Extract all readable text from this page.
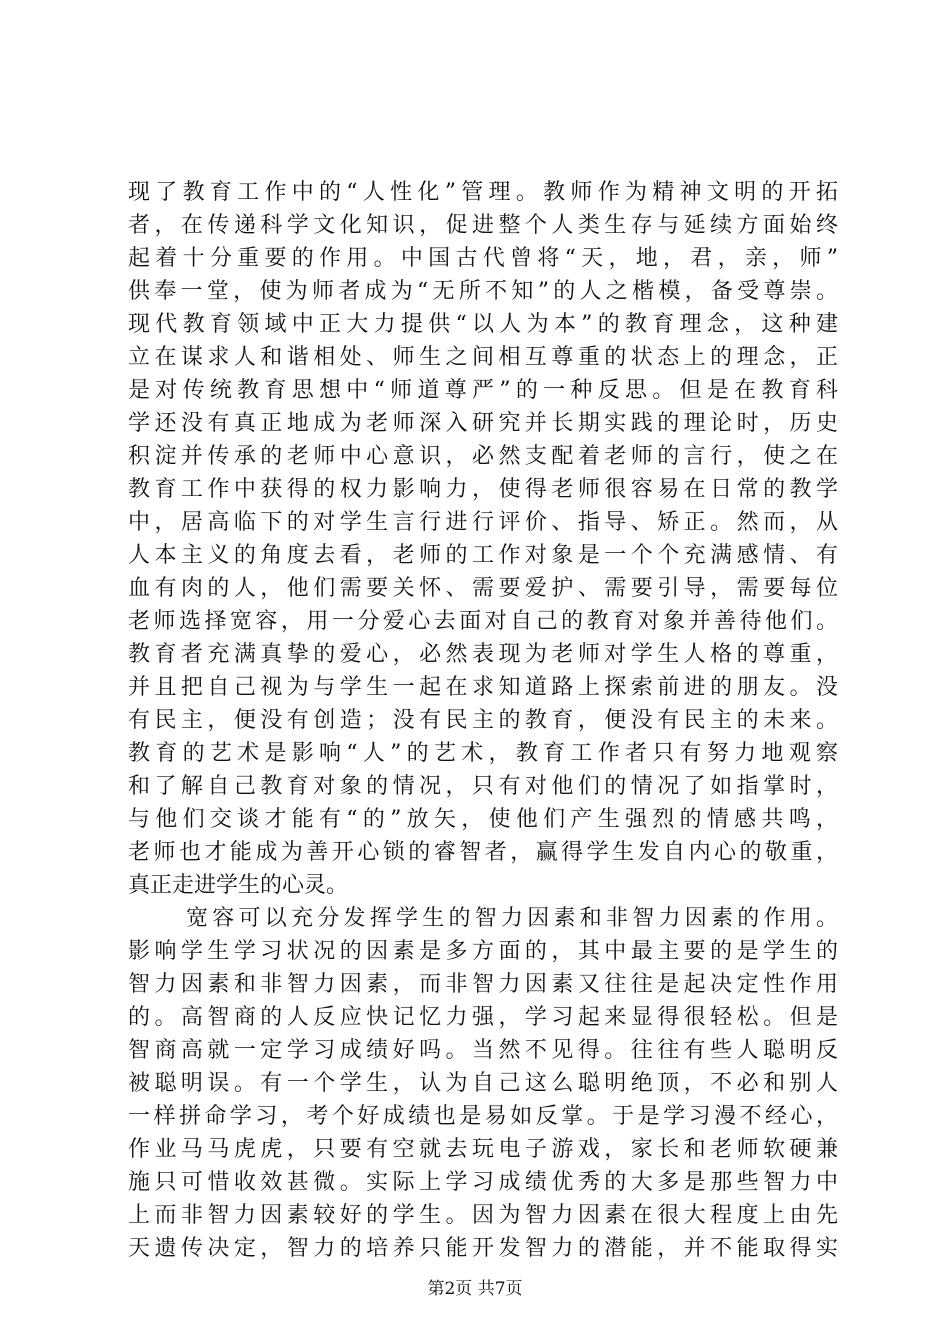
现了教育工作中的“人性化”管理。教师作为精神文明的开拓
者，在传递科学文化知识，促进整个人类生存与延续方面始终
起着十分重要的作用。中国古代曾将“天，地，君，亲，师”
供奉一堂，使为师者成为“无所不知”的人之楷模，备受尊崇。
现代教育领域中正大力提供“以人为本”的教育理念，这种建
立在谋求人和谐相处、师生之间相互尊重的状态上的理念，正
是对传统教育思想中“师道尊严”的一种反思。但是在教育科
学还没有真正地成为老师深入研究并长期实践的理论时，历史
积淀并传承的老师中心意识，必然支配着老师的言行，使之在
教育工作中获得的权力影响力，使得老师很容易在日常的教学
中，居高临下的对学生言行进行评价、指导、矫正。然而，从
人本主义的角度去看，老师的工作对象是一个个充满感情、有
血有肉的人，他们需要关怀、需要爱护、需要引导，需要每位
老师选择宽容，用一分爱心去面对自己的教育对象并善待他们。
教育者充满真挚的爱心，必然表现为老师对学生人格的尊重，
并且把自己视为与学生一起在求知道路上探索前进的朋友。没
有民主，便没有创造；没有民主的教育，便没有民主的未来。
教育的艺术是影响“人”的艺术，教育工作者只有努力地观察
和了解自己教育对象的情况，只有对他们的情况了如指掌时，
与他们交谈才能有“的”放矢，使他们产生强烈的情感共鸣，
老师也才能成为善开心锁的睿智者，赢得学生发自内心的敬重，
真正走进学生的心灵。
宽容可以充分发挥学生的智力因素和非智力因素的作用。
影响学生学习状况的因素是多方面的，其中最主要的是学生的
智力因素和非智力因素，而非智力因素又往往是起决定性作用
的。高智商的人反应快记忆力强，学习起来显得很轻松。但是
智商高就一定学习成绩好吗。当然不见得。往往有些人聪明反
被聪明误。有一个学生，认为自己这么聪明绝顶，不必和别人
一样拼命学习，考个好成绩也是易如反掌。于是学习漫不经心，
作业马马虎虎，只要有空就去玩电子游戏，家长和老师软硬兼
施只可惜收效甚微。实际上学习成绩优秀的大多是那些智力中
上而非智力因素较好的学生。因为智力因素在很大程度上由先
天遗传决定，智力的培养只能开发智力的潜能，并不能取得实
第2页 共7页
